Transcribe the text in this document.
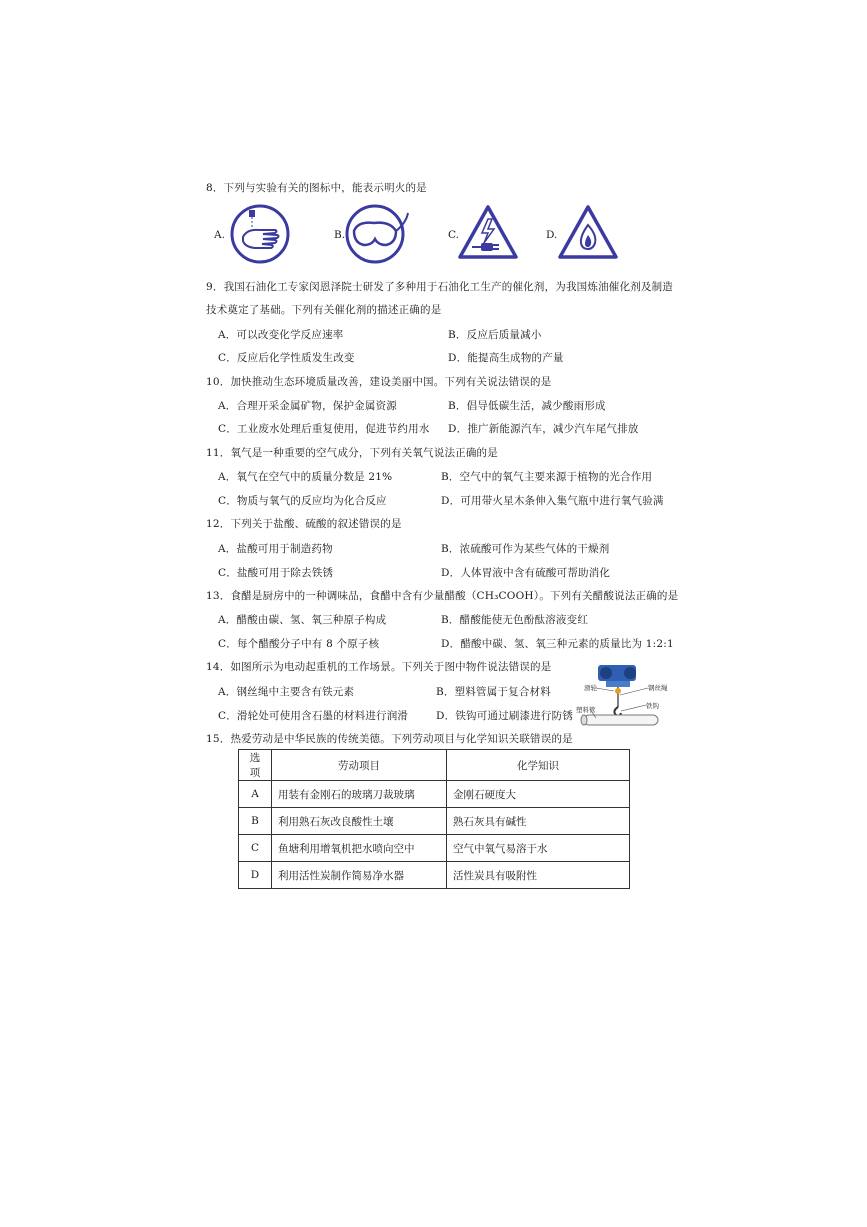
8．下列与实验有关的图标中，能表示明火的是
A.	B.	C.	D.
9．我国石油化工专家闵恩泽院士研发了多种用于石油化工生产的催化剂，为我国炼油催化剂及制造
技术奠定了基础。下列有关催化剂的描述正确的是
A．可以改变化学反应速率	B．反应后质量减小
C．反应后化学性质发生改变	D．能提高生成物的产量
10．加快推动生态环境质量改善，建设美丽中国。下列有关说法错误的是
A．合理开采金属矿物，保护金属资源	B．倡导低碳生活，减少酸雨形成
C．工业废水处理后重复使用，促进节约用水 D．推广新能源汽车，减少汽车尾气排放
11．氧气是一种重要的空气成分，下列有关氧气说法正确的是
A．氧气在空气中的质量分数是 21%	B．空气中的氧气主要来源于植物的光合作用
C．物质与氧气的反应均为化合反应	D．可用带火星木条伸入集气瓶中进行氧气验满
12．下列关于盐酸、硫酸的叙述错误的是
A．盐酸可用于制造药物	B．浓硫酸可作为某些气体的干燥剂
C．盐酸可用于除去铁锈	D．人体胃液中含有硫酸可帮助消化
13．食醋是厨房中的一种调味品，食醋中含有少量醋酸（CH₃COOH）。下列有关醋酸说法正确的是
A．醋酸由碳、氢、氧三种原子构成	B．醋酸能使无色酚酞溶液变红
C．每个醋酸分子中有 8 个原子核	D．醋酸中碳、氢、氧三种元素的质量比为 1:2:1
14．如图所示为电动起重机的工作场景。下列关于图中物件说法错误的是
A．钢丝绳中主要含有铁元素	B．塑料管属于复合材料
C．滑轮处可使用含石墨的材料进行润滑	D．铁钩可通过刷漆进行防锈
滑轮	钢丝绳
铁钩
塑料管
15．热爱劳动是中华民族的传统美德。下列劳动项目与化学知识关联错误的是
选项	劳动项目	化学知识
A	用装有金刚石的玻璃刀裁玻璃	金刚石硬度大
B	利用熟石灰改良酸性土壤	熟石灰具有碱性
C	鱼塘利用增氧机把水喷向空中	空气中氧气易溶于水
D	利用活性炭制作简易净水器	活性炭具有吸附性
